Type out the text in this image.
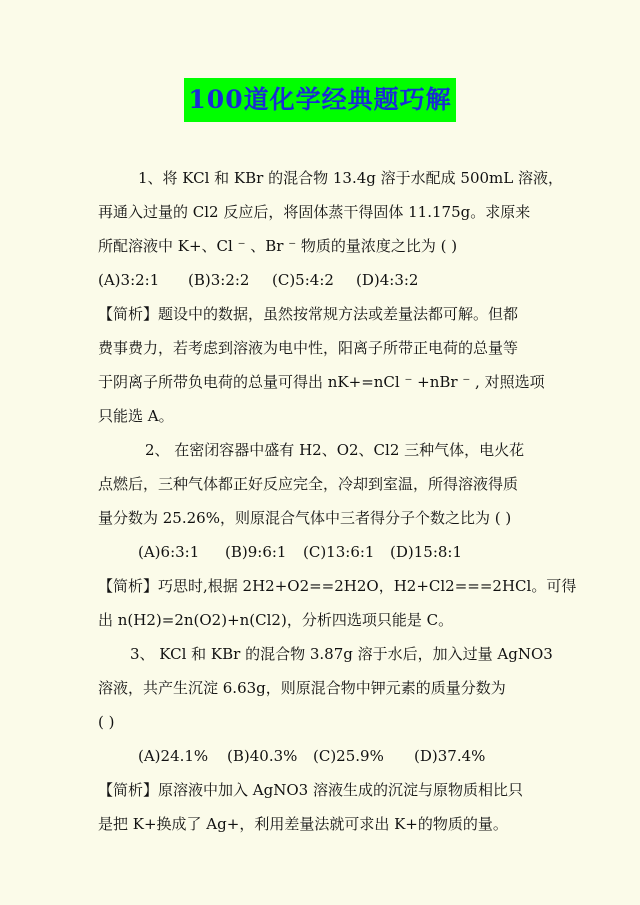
100道化学经典题巧解
1、将 KCl 和 KBr 的混合物 13.4g 溶于水配成 500mL 溶液，
再通入过量的 Cl2 反应后，将固体蒸干得固体 11.175g。求原来
所配溶液中 K+、Cl ⁻ 、Br ⁻ 物质的量浓度之比为 ( )
(A)3:2:1 (B)3:2:2 (C)5:4:2 (D)4:3:2
【简析】题设中的数据，虽然按常规方法或差量法都可解。但都
费事费力，若考虑到溶液为电中性，阳离子所带正电荷的总量等
于阴离子所带负电荷的总量可得出 nK+=nCl ⁻ +nBr ⁻ , 对照选项
只能选 A。
2、 在密闭容器中盛有 H2、O2、Cl2 三种气体，电火花
点燃后，三种气体都正好反应完全，冷却到室温，所得溶液得质
量分数为 25.26%，则原混合气体中三者得分子个数之比为 ( )
(A)6:3:1 (B)9:6:1 (C)13:6:1 (D)15:8:1
【简析】巧思时,根据 2H2+O2==2H2O，H2+Cl2===2HCl。可得
出 n(H2)=2n(O2)+n(Cl2)，分析四选项只能是 C。
3、 KCl 和 KBr 的混合物 3.87g 溶于水后，加入过量 AgNO3
溶液，共产生沉淀 6.63g，则原混合物中钾元素的质量分数为
( )
(A)24.1% (B)40.3% (C)25.9% (D)37.4%
【简析】原溶液中加入 AgNO3 溶液生成的沉淀与原物质相比只
是把 K+换成了 Ag+，利用差量法就可求出 K+的物质的量。
